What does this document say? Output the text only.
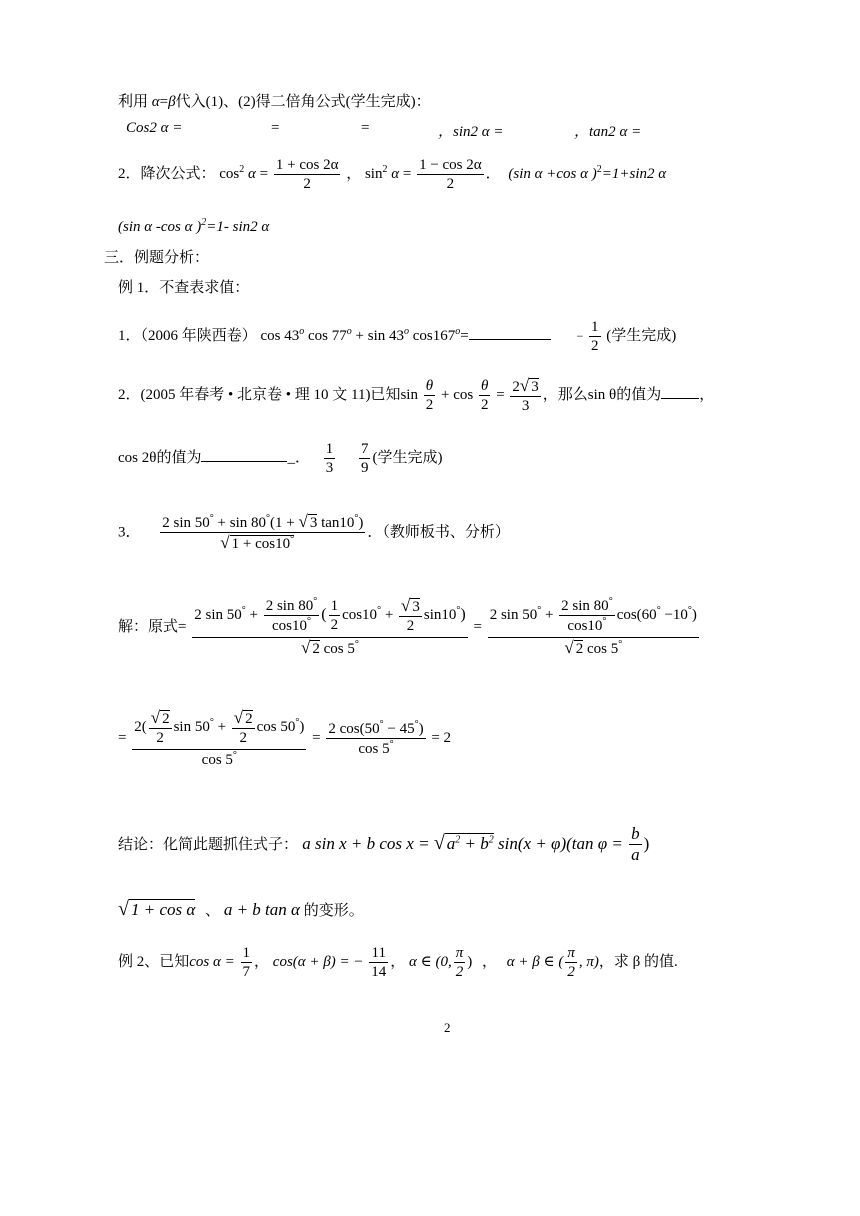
利用 α=β代入(1)、(2)得二倍角公式(学生完成)：
Cos2 α =	=	=	，sin2 α =	，tan2 α =
2．降次公式： $\cos^2 \alpha = \frac{1 + \cos 2\alpha}{2}$ ， $\sin^2 \alpha = \frac{1 - \cos 2\alpha}{2}$ ． (sin α +cos α )$^2$=1+sin2 α
(sin α -cos α )$^2$=1- sin2 α
三．例题分析：
例 1．不查表求值：
1．（2006 年陕西卷） cos 43$^o$ $\cos 77^o + \sin 43^o$ $\cos 167^o=$	− $\frac{1}{2}$ (学生完成)
2．(2005 年春考 • 北京卷 • 理 10 文 11)已知$\sin \frac{\theta}{2} + \cos \frac{\theta}{2} = \frac{2√ 3}{3}$ ，那么sin θ的值为	，
cos 2θ的值为	_． $\frac{1}{3}$
$\frac{7}{9}$ (学生完成)
3． $\frac{2 \sin 50^\circ + \sin 80^\circ(1 + √ 3 \tan 10^\circ)}{√ 1 + \cos 10^\circ}$ ．（教师板书、分析）
解：原式=
2 $\sin 50^\circ + \frac{2 \sin 80^\circ}{\cos 10^\circ}$ ( $\frac{1}{2} \cos 10^\circ + \frac{√ 3}{2} \sin 10^\circ$)
√ 2 cos 5°
= $\frac{2 \sin 50^\circ + \frac{2 \sin 80^\circ}{\cos 10^\circ} \cos(60^\circ -10^\circ)}{√ 2 \cos 5^\circ}$
= $\frac{2( \frac{√ 2}{2} \sin 50^\circ + \frac{√ 2}{2} \cos 50^\circ)}{\cos 5^\circ} = \frac{2 \cos(50^\circ - 45^\circ)}{\cos 5^\circ} = 2$
结论：化简此题抓住式子： a sin x + b cos x = √ $a^2 + b^2$ sin(x + φ)(tan $\varphi = \frac{b}{a}$ )
√ 1 + cos α 、 a + b tan α 的变形。
例 2、已知$\cos \alpha = \frac{1}{7}$ ， cos(α + β) = − $\frac{11}{14}$ ， α ∈ (0, $\frac{\pi}{2}$ ) ， α + β ∈ ( $\frac{\pi}{2}$ , π)，求 β 的值.
2
